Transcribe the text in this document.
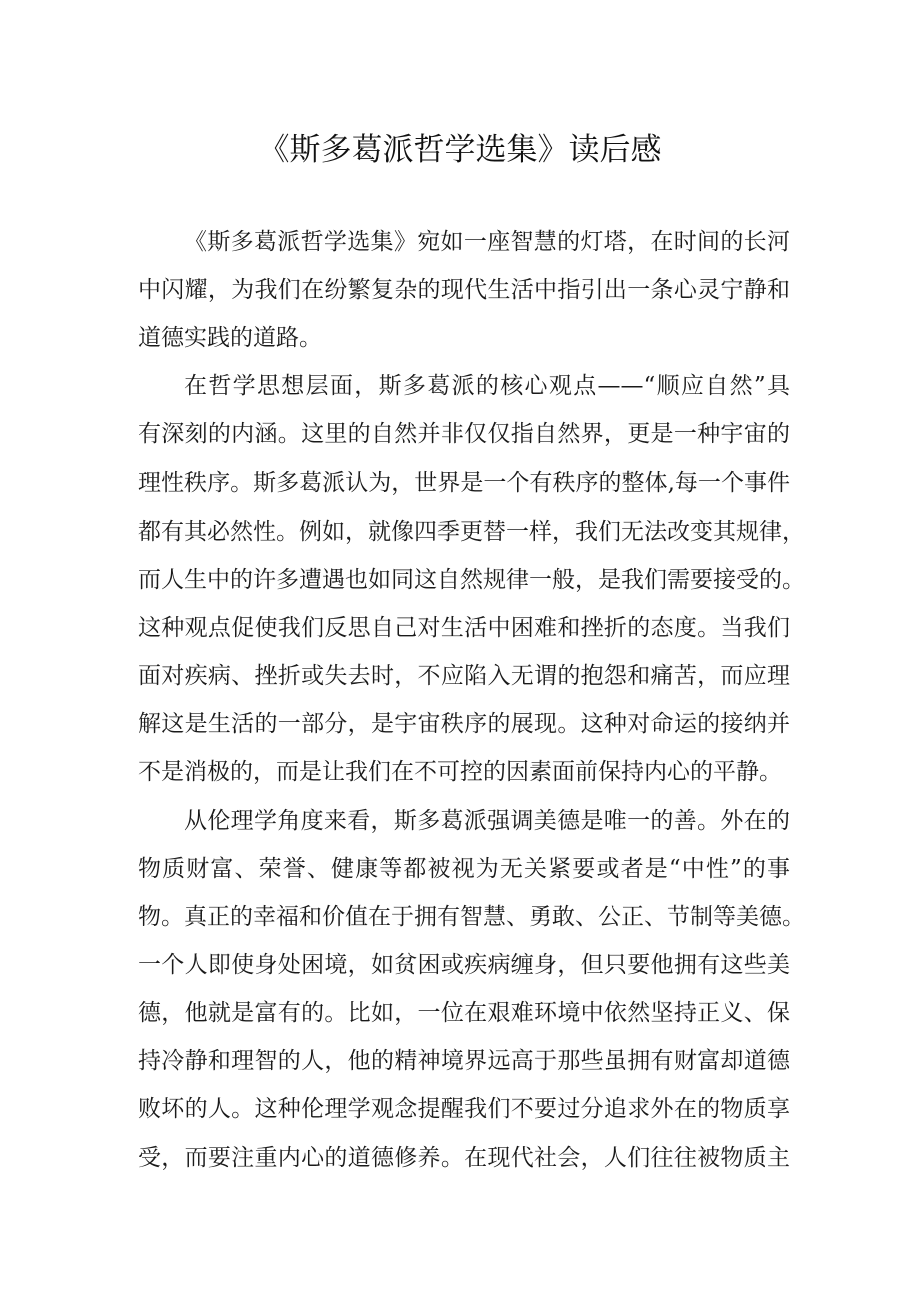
《斯多葛派哲学选集》读后感

《斯多葛派哲学选集》宛如一座智慧的灯塔，在时间的长河

中闪耀，为我们在纷繁复杂的现代生活中指引出一条心灵宁静和

道德实践的道路。

在哲学思想层面，斯多葛派的核心观点——“顺应自然”具

有深刻的内涵。这里的自然并非仅仅指自然界，更是一种宇宙的

理性秩序。斯多葛派认为，世界是一个有秩序的整体,每一个事件

都有其必然性。例如，就像四季更替一样，我们无法改变其规律，

而人生中的许多遭遇也如同这自然规律一般，是我们需要接受的。

这种观点促使我们反思自己对生活中困难和挫折的态度。当我们

面对疾病、挫折或失去时，不应陷入无谓的抱怨和痛苦，而应理

解这是生活的一部分，是宇宙秩序的展现。这种对命运的接纳并

不是消极的，而是让我们在不可控的因素面前保持内心的平静。

从伦理学角度来看，斯多葛派强调美德是唯一的善。外在的

物质财富、荣誉、健康等都被视为无关紧要或者是“中性”的事

物。真正的幸福和价值在于拥有智慧、勇敢、公正、节制等美德。

一个人即使身处困境，如贫困或疾病缠身，但只要他拥有这些美

德，他就是富有的。比如，一位在艰难环境中依然坚持正义、保

持冷静和理智的人，他的精神境界远高于那些虽拥有财富却道德

败坏的人。这种伦理学观念提醒我们不要过分追求外在的物质享

受，而要注重内心的道德修养。在现代社会，人们往往被物质主
